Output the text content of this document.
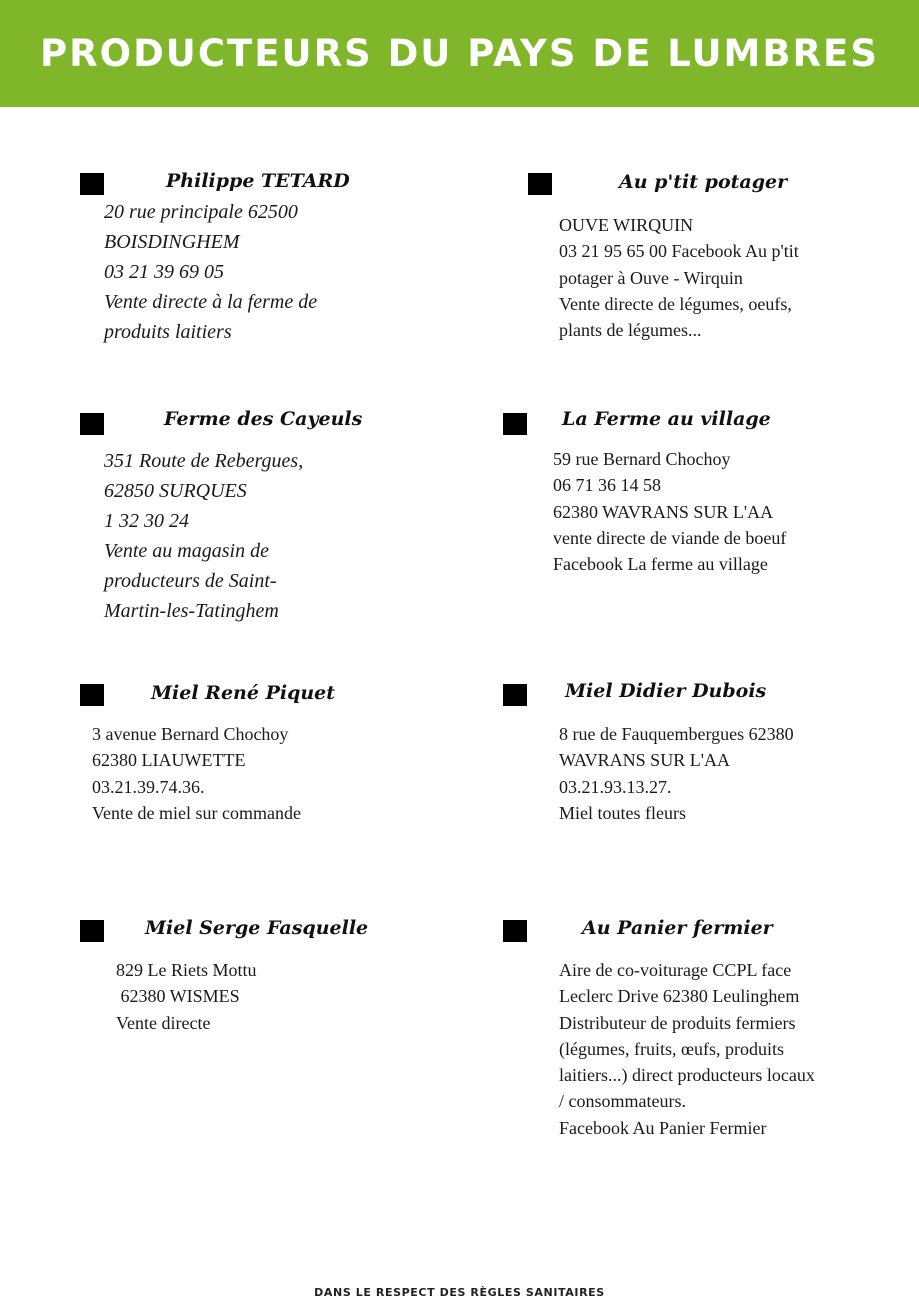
PRODUCTEURS DU PAYS DE LUMBRES
Philippe TETARD
20 rue principale 62500
BOISDINGHEM
03 21 39 69 05
Vente directe à la ferme de
produits laitiers
Au p'tit potager
OUVE WIRQUIN
03 21 95 65 00 Facebook Au p'tit
potager à Ouve - Wirquin
Vente directe de légumes, oeufs,
plants de légumes...
Ferme des Cayeuls
351 Route de Rebergues,
62850 SURQUES
1 32 30 24
Vente au magasin de
producteurs de Saint-
Martin-les-Tatinghem
La Ferme au village
59 rue Bernard Chochoy
06 71 36 14 58
62380 WAVRANS SUR L'AA
vente directe de viande de boeuf
Facebook La ferme au village
Miel René Piquet
3 avenue Bernard Chochoy
62380 LIAUWETTE
03.21.39.74.36.
Vente de miel sur commande
Miel Didier Dubois
8 rue de Fauquembergues 62380
WAVRANS SUR L'AA
03.21.93.13.27.
Miel toutes fleurs
Miel Serge Fasquelle
829 Le Riets Mottu
62380 WISMES
Vente directe
Au Panier fermier
Aire de co-voiturage CCPL face
Leclerc Drive 62380 Leulinghem
Distributeur de produits fermiers
(légumes, fruits, œufs, produits
laitiers...) direct producteurs locaux
/ consommateurs.
Facebook Au Panier Fermier
DANS LE RESPECT DES RÈGLES SANITAIRES
